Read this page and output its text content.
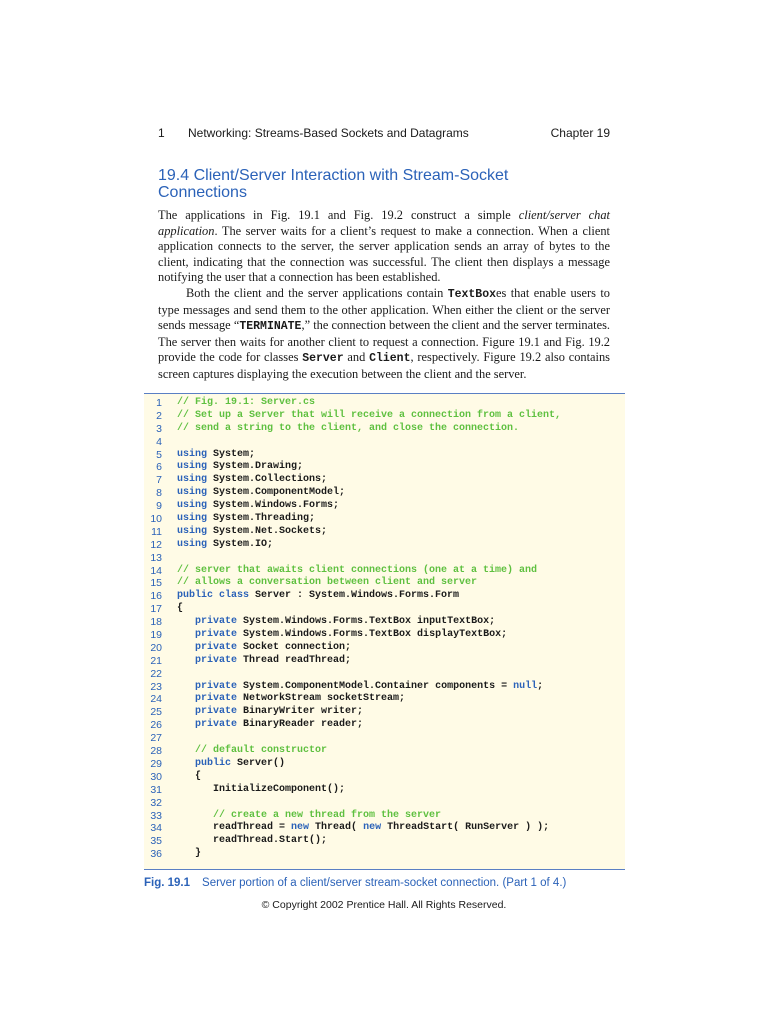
1 Networking: Streams-Based Sockets and Datagrams	Chapter 19
19.4 Client/Server Interaction with Stream-Socket
Connections

The applications in Fig. 19.1 and Fig. 19.2 construct a simple client/server chat application. The server waits for a client’s request to make a connection. When a client application connects to the server, the server application sends an array of bytes to the client, indicating that the connection was successful. The client then displays a message notifying the user that a connection has been established.

Both the client and the server applications contain TextBoxes that enable users to type messages and send them to the other application. When either the client or the server sends message “TERMINATE,” the connection between the client and the server terminates. The server then waits for another client to request a connection. Figure 19.1 and Fig. 19.2 provide the code for classes Server and Client, respectively. Figure 19.2 also contains screen captures displaying the execution between the client and the server.

1 // Fig. 19.1: Server.cs
2 // Set up a Server that will receive a connection from a client,
3 // send a string to the client, and close the connection.
4
5 using System;
6 using System.Drawing;
7 using System.Collections;
8 using System.ComponentModel;
9 using System.Windows.Forms;
10 using System.Threading;
11 using System.Net.Sockets;
12 using System.IO;
13
14 // server that awaits client connections (one at a time) and
15 // allows a conversation between client and server
16 public class Server : System.Windows.Forms.Form
17 {
18	private System.Windows.Forms.TextBox inputTextBox;
19	private System.Windows.Forms.TextBox displayTextBox;
20	private Socket connection;
21	private Thread readThread;
22
23	private System.ComponentModel.Container components = null;
24	private NetworkStream socketStream;
25	private BinaryWriter writer;
26	private BinaryReader reader;
27
28	// default constructor
29	public Server()
30 {
31 InitializeComponent();
32
33	// create a new thread from the server
34 readThread = new Thread( new ThreadStart( RunServer ) );
35 readThread.Start();
36 }
Fig. 19.1 Server portion of a client/server stream-socket connection. (Part 1 of 4.)
© Copyright 2002 Prentice Hall. All Rights Reserved.
